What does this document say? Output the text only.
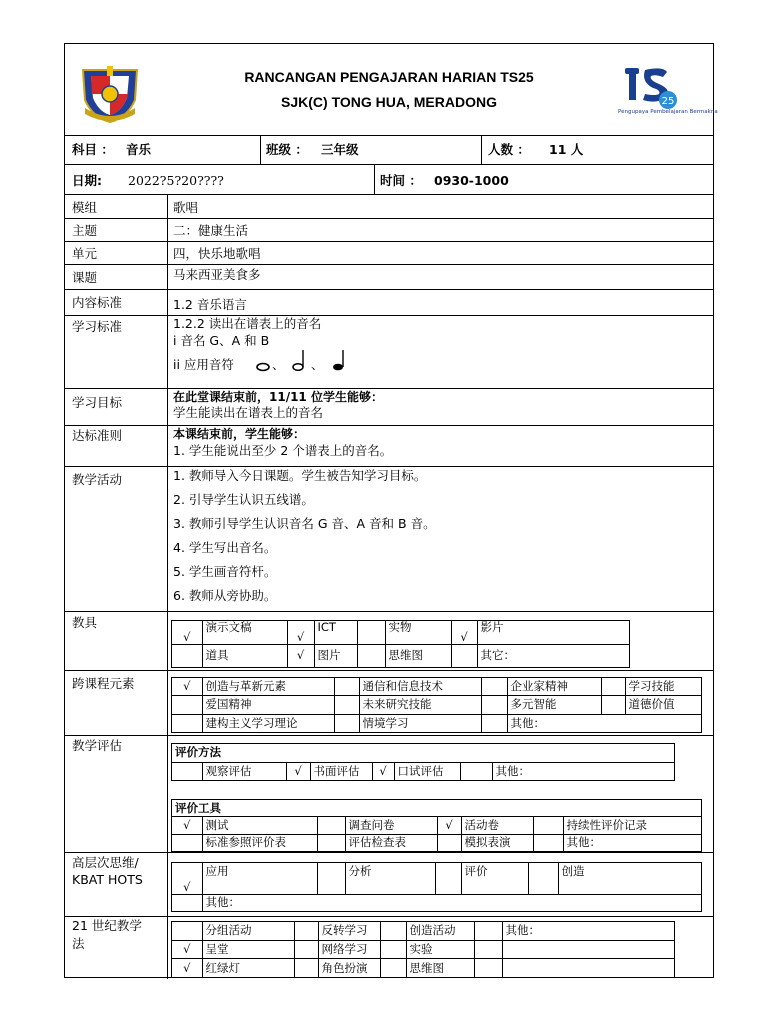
RANCANGAN PENGAJARAN HARIAN TS25
SJK(C) TONG HUA, MERADONG	25
Pengupaya Pembelajaran Bermakna
科目 ： 音乐	班级 ： 三年级	人数 ： 11 人
日期: 2022?5?20????	时间 ： 0930-1000
模组	歌唱
主题	二：健康生活
单元	四，快乐地歌唱
课题	马来西亚美食多
内容标准	1.2 音乐语言
学习标准	1.2.2 读出在谱表上的音名
i 音名 G、A 和 B
ii 应用音符	、 、
学习目标	在此堂课结束前，11/11 位学生能够：
学生能读出在谱表上的音名
达标准则	本课结束前，学生能够：
1. 学生能说出至少 2 个谱表上的音名。
教学活动	1. 教师导入今日课题。学生被告知学习目标。
2. 引导学生认识五线谱。
3. 教师引导学生认识音名 G 音、A 音和 B 音。
4. 学生写出音名。
5. 学生画音符杆。
6. 教师从旁协助。
教具
√	演示文稿	√	ICT		实物	√	影片
	道具	√	图片		思维图		其它：
跨课程元素	√	创造与革新元素		通信和信息技术		企业家精神		学习技能
	爱国精神		未来研究技能		多元智能		道德价值
	建构主义学习理论		情境学习		其他：		
教学评估	评价方法
	观察评估	√	书面评估	√	口试评估		其他：
评价工具							
√	测试		调查问卷	√	活动卷		持续性评价记录
	标准参照评价表		评估检查表		模拟表演		其他：
高层次思维/
KBAT HOTS	√	应用		分析		评价		创造
	其他：						
21 世纪教学
法
	分组活动		反转学习		创造活动		其他：
√	呈堂		网络学习		实验		
√	红绿灯		角色扮演		思维图		
